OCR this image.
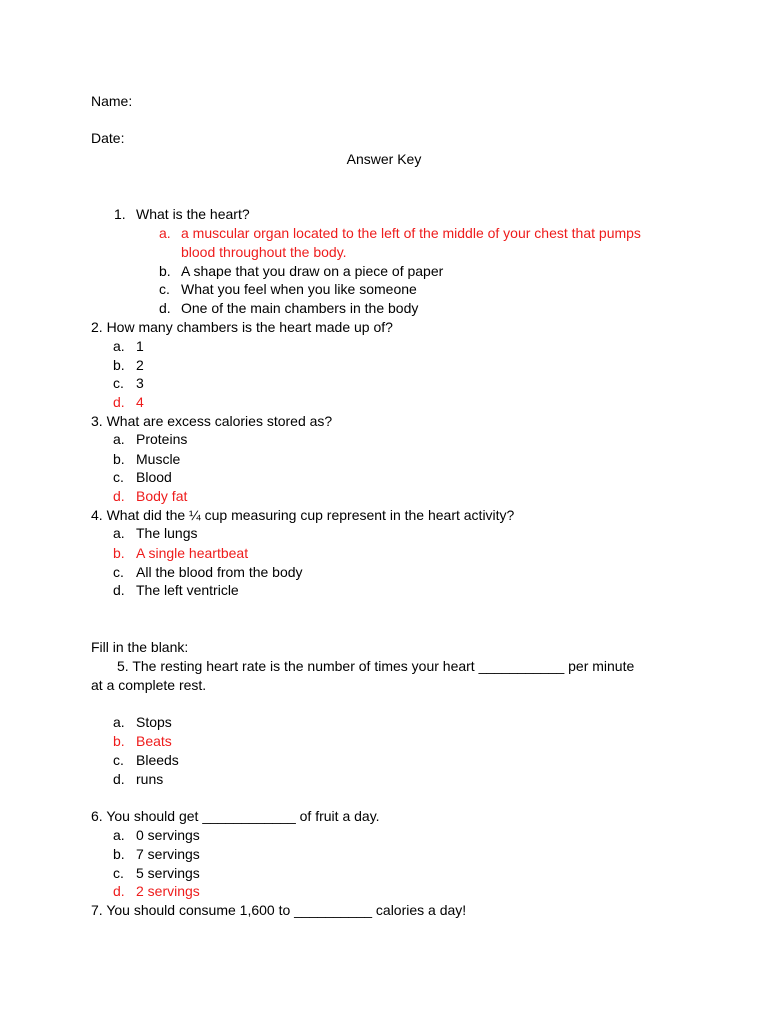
Name:
Date:
Answer Key
1. What is the heart?
a. a muscular organ located to the left of the middle of your chest that pumps
blood throughout the body.
b. A shape that you draw on a piece of paper
c. What you feel when you like someone
d. One of the main chambers in the body
2. How many chambers is the heart made up of?
a. 1
b. 2
c. 3
d. 4
3. What are excess calories stored as?
a. Proteins
b. Muscle
c. Blood
d. Body fat
4. What did the ¼ cup measuring cup represent in the heart activity?
a. The lungs
b. A single heartbeat
c. All the blood from the body
d. The left ventricle
Fill in the blank:
5. The resting heart rate is the number of times your heart ___________ per minute
at a complete rest.
a. Stops
b. Beats
c. Bleeds
d. runs
6. You should get ____________ of fruit a day.
a. 0 servings
b. 7 servings
c. 5 servings
d. 2 servings
7. You should consume 1,600 to __________ calories a day!
